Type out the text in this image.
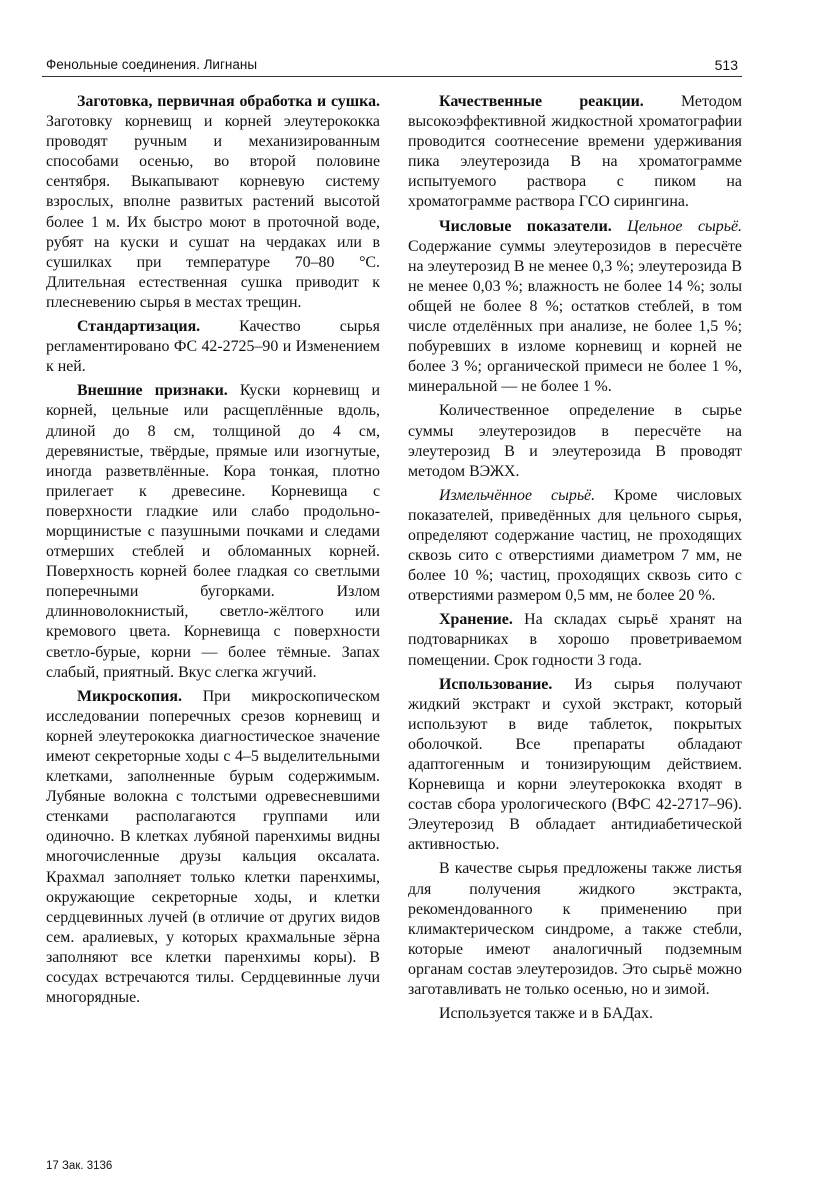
Фенольные соединения. Лигнаны	513

Заготовка, первичная обработка и сушка. Заготовку корневищ и корней элеутерококка проводят ручным и механизированным способами осенью, во второй половине сентября. Выкапывают корневую систему взрослых, вполне развитых растений высотой более 1 м. Их быстро моют в проточной воде, рубят на куски и сушат на чердаках или в сушилках при температуре 70–80 °С. Длительная естественная сушка приводит к плесневению сырья в местах трещин.

Стандартизация. Качество сырья регламентировано ФС 42-2725–90 и Изменением к ней.

Внешние признаки. Куски корневищ и корней, цельные или расщеплённые вдоль, длиной до 8 см, толщиной до 4 см, деревянистые, твёрдые, прямые или изогнутые, иногда разветвлённые. Кора тонкая, плотно прилегает к древесине. Корневища с поверхности гладкие или слабо продольно-морщинистые с пазушными почками и следами отмерших стеблей и обломанных корней. Поверхность корней более гладкая со светлыми поперечными бугорками. Излом длинноволокнистый, светло-жёлтого или кремового цвета. Корневища с поверхности светло-бурые, корни — более тёмные. Запах слабый, приятный. Вкус слегка жгучий.

Микроскопия. При микроскопическом исследовании поперечных срезов корневищ и корней элеутерококка диагностическое значение имеют секреторные ходы с 4–5 выделительными клетками, заполненные бурым содержимым. Лубяные волокна с толстыми одревесневшими стенками располагаются группами или одиночно. В клетках лубяной паренхимы видны многочисленные друзы кальция оксалата. Крахмал заполняет только клетки паренхимы, окружающие секреторные ходы, и клетки сердцевинных лучей (в отличие от других видов сем. аралиевых, у которых крахмальные зёрна заполняют все клетки паренхимы коры). В сосудах встречаются тилы. Сердцевинные лучи многорядные.

Качественные реакции. Методом высокоэффективной жидкостной хроматографии проводится соотнесение времени удерживания пика элеутерозида В на хроматограмме испытуемого раствора с пиком на хроматограмме раствора ГСО сирингина.

Числовые показатели. Цельное сырьё. Содержание суммы элеутерозидов в пересчёте на элеутерозид В не менее 0,3 %; элеутерозида В не менее 0,03 %; влажность не более 14 %; золы общей не более 8 %; остатков стеблей, в том числе отделённых при анализе, не более 1,5 %; побуревших в изломе корневищ и корней не более 3 %; органической примеси не более 1 %, минеральной — не более 1 %.

Количественное определение в сырье суммы элеутерозидов в пересчёте на элеутерозид В и элеутерозида В проводят методом ВЭЖХ.

Измельчённое сырьё. Кроме числовых показателей, приведённых для цельного сырья, определяют содержание частиц, не проходящих сквозь сито с отверстиями диаметром 7 мм, не более 10 %; частиц, проходящих сквозь сито с отверстиями размером 0,5 мм, не более 20 %.

Хранение. На складах сырьё хранят на подтоварниках в хорошо проветриваемом помещении. Срок годности 3 года.

Использование. Из сырья получают жидкий экстракт и сухой экстракт, который используют в виде таблеток, покрытых оболочкой. Все препараты обладают адаптогенным и тонизирующим действием. Корневища и корни элеутерококка входят в состав сбора урологического (ВФС 42-2717–96). Элеутерозид В обладает антидиабетической активностью.

В качестве сырья предложены также листья для получения жидкого экстракта, рекомендованного к применению при климактерическом синдроме, а также стебли, которые имеют аналогичный подземным органам состав элеутерозидов. Это сырьё можно заготавливать не только осенью, но и зимой.

Используется также и в БАДах.

17 Зак. 3136
